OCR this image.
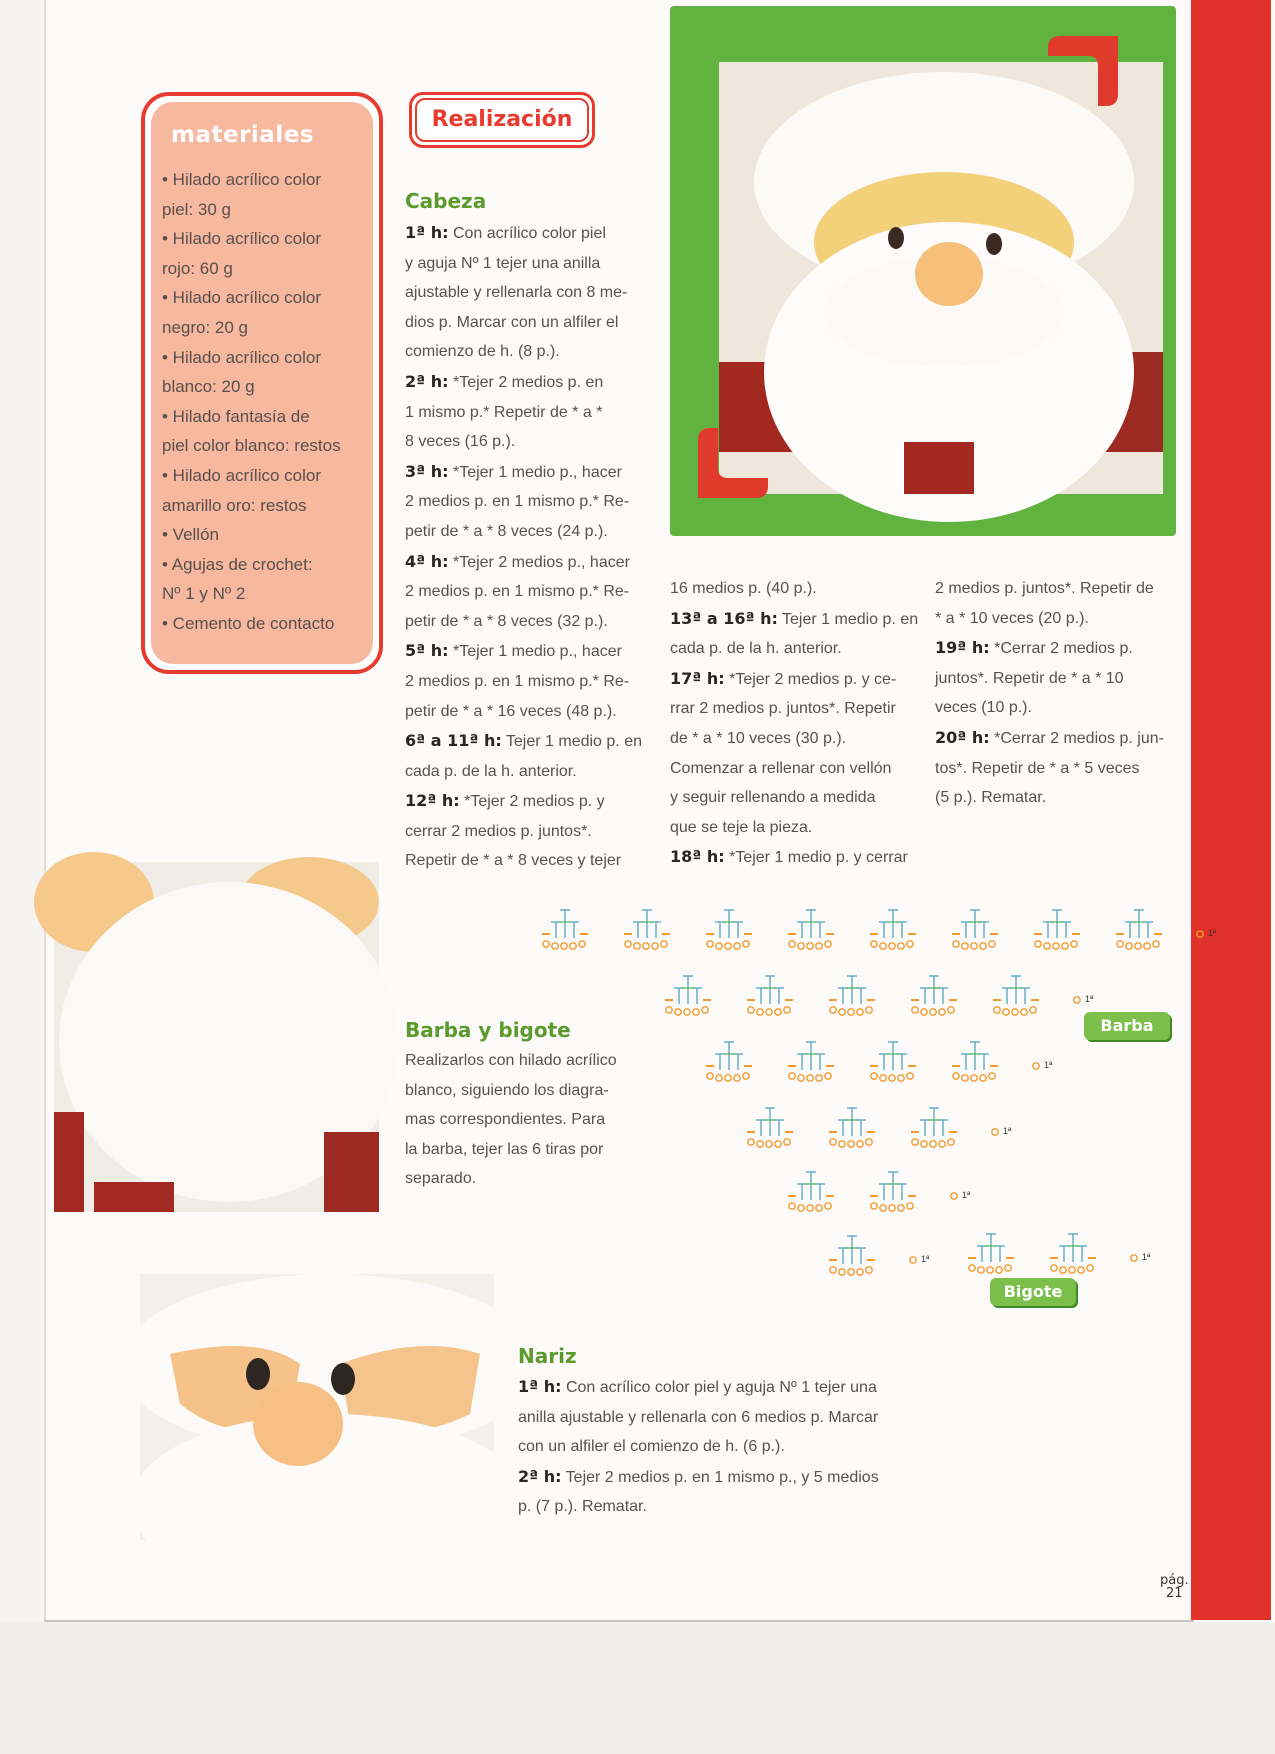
materiales
• Hilado acrílico color
piel: 30 g
• Hilado acrílico color
rojo: 60 g
• Hilado acrílico color
negro: 20 g
• Hilado acrílico color
blanco: 20 g
• Hilado fantasía de
piel color blanco: restos
• Hilado acrílico color
amarillo oro: restos
• Vellón
• Agujas de crochet:
Nº 1 y Nº 2
• Cemento de contacto
Realización
Cabeza
1ª h: Con acrílico color piel
y aguja Nº 1 tejer una anilla
ajustable y rellenarla con 8 me-
dios p. Marcar con un alfiler el
comienzo de h. (8 p.).
2ª h: *Tejer 2 medios p. en
1 mismo p.* Repetir de * a *
8 veces (16 p.).
3ª h: *Tejer 1 medio p., hacer
2 medios p. en 1 mismo p.* Re-
petir de * a * 8 veces (24 p.).
4ª h: *Tejer 2 medios p., hacer
2 medios p. en 1 mismo p.* Re-
petir de * a * 8 veces (32 p.).
5ª h: *Tejer 1 medio p., hacer
2 medios p. en 1 mismo p.* Re-
petir de * a * 16 veces (48 p.).
6ª a 11ª h: Tejer 1 medio p. en
cada p. de la h. anterior.
12ª h: *Tejer 2 medios p. y
cerrar 2 medios p. juntos*.
Repetir de * a * 8 veces y tejer
16 medios p. (40 p.).
13ª a 16ª h: Tejer 1 medio p. en
cada p. de la h. anterior.
17ª h: *Tejer 2 medios p. y ce-
rrar 2 medios p. juntos*. Repetir
de * a * 10 veces (30 p.).
Comenzar a rellenar con vellón
y seguir rellenando a medida
que se teje la pieza.
18ª h: *Tejer 1 medio p. y cerrar
2 medios p. juntos*. Repetir de
* a * 10 veces (20 p.).
19ª h: *Cerrar 2 medios p.
juntos*. Repetir de * a * 10
veces (10 p.).
20ª h: *Cerrar 2 medios p. jun-
tos*. Repetir de * a * 5 veces
(5 p.). Rematar.
Barba y bigote
Realizarlos con hilado acrílico
blanco, siguiendo los diagra-
mas correspondientes. Para
la barba, tejer las 6 tiras por
separado.
Nariz
1ª h: Con acrílico color piel y aguja Nº 1 tejer una
anilla ajustable y rellenarla con 6 medios p. Marcar
con un alfiler el comienzo de h. (6 p.).
2ª h: Tejer 2 medios p. en 1 mismo p., y 5 medios
p. (7 p.). Rematar.
Barba
Bigote
1ª
1ª
1ª
1ª
1ª
1ª	1ª
pág.
21
